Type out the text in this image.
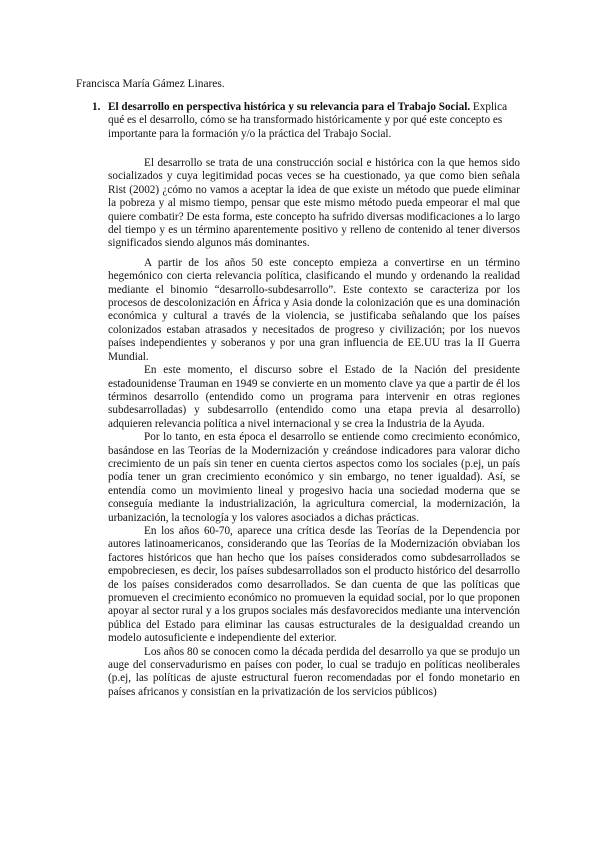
Francisca María Gámez Linares.
1. El desarrollo en perspectiva histórica y su relevancia para el Trabajo Social. Explica qué es el desarrollo, cómo se ha transformado históricamente y por qué este concepto es importante para la formación y/o la práctica del Trabajo Social.

El desarrollo se trata de una construcción social e histórica con la que hemos sido socializados y cuya legitimidad pocas veces se ha cuestionado, ya que como bien señala Rist (2002) ¿cómo no vamos a aceptar la idea de que existe un método que puede eliminar la pobreza y al mismo tiempo, pensar que este mismo método pueda empeorar el mal que quiere combatir? De esta forma, este concepto ha sufrido diversas modificaciones a lo largo del tiempo y es un término aparentemente positivo y relleno de contenido al tener diversos significados siendo algunos más dominantes.

A partir de los años 50 este concepto empieza a convertirse en un término hegemónico con cierta relevancia política, clasificando el mundo y ordenando la realidad mediante el binomio “desarrollo-subdesarrollo”. Este contexto se caracteriza por los procesos de descolonización en África y Asia donde la colonización que es una dominación económica y cultural a través de la violencia, se justificaba señalando que los países colonizados estaban atrasados y necesitados de progreso y civilización; por los nuevos países independientes y soberanos y por una gran influencia de EE.UU tras la II Guerra Mundial.

En este momento, el discurso sobre el Estado de la Nación del presidente estadounidense Trauman en 1949 se convierte en un momento clave ya que a partir de él los términos desarrollo (entendido como un programa para intervenir en otras regiones subdesarrolladas) y subdesarrollo (entendido como una etapa previa al desarrollo) adquieren relevancia política a nivel internacional y se crea la Industria de la Ayuda.

Por lo tanto, en esta época el desarrollo se entiende como crecimiento económico, basándose en las Teorías de la Modernización y creándose indicadores para valorar dicho crecimiento de un país sin tener en cuenta ciertos aspectos como los sociales (p.ej, un país podía tener un gran crecimiento económico y sin embargo, no tener igualdad). Así, se entendía como un movimiento lineal y progesivo hacia una sociedad moderna que se conseguía mediante la industrialización, la agricultura comercial, la modernización, la urbanización, la tecnología y los valores asociados a dichas prácticas.

En los años 60-70, aparece una crítica desde las Teorías de la Dependencia por autores latinoamericanos, considerando que las Teorías de la Modernización obviaban los factores históricos que han hecho que los países considerados como subdesarrollados se empobreciesen, es decir, los países subdesarrollados son el producto histórico del desarrollo de los países considerados como desarrollados. Se dan cuenta de que las políticas que promueven el crecimiento económico no promueven la equidad social, por lo que proponen apoyar al sector rural y a los grupos sociales más desfavorecidos mediante una intervención pública del Estado para eliminar las causas estructurales de la desigualdad creando un modelo autosuficiente e independiente del exterior.

Los años 80 se conocen como la década perdida del desarrollo ya que se produjo un auge del conservadurismo en países con poder, lo cual se tradujo en políticas neoliberales (p.ej, las políticas de ajuste estructural fueron recomendadas por el fondo monetario en países africanos y consistían en la privatización de los servicios públicos)
